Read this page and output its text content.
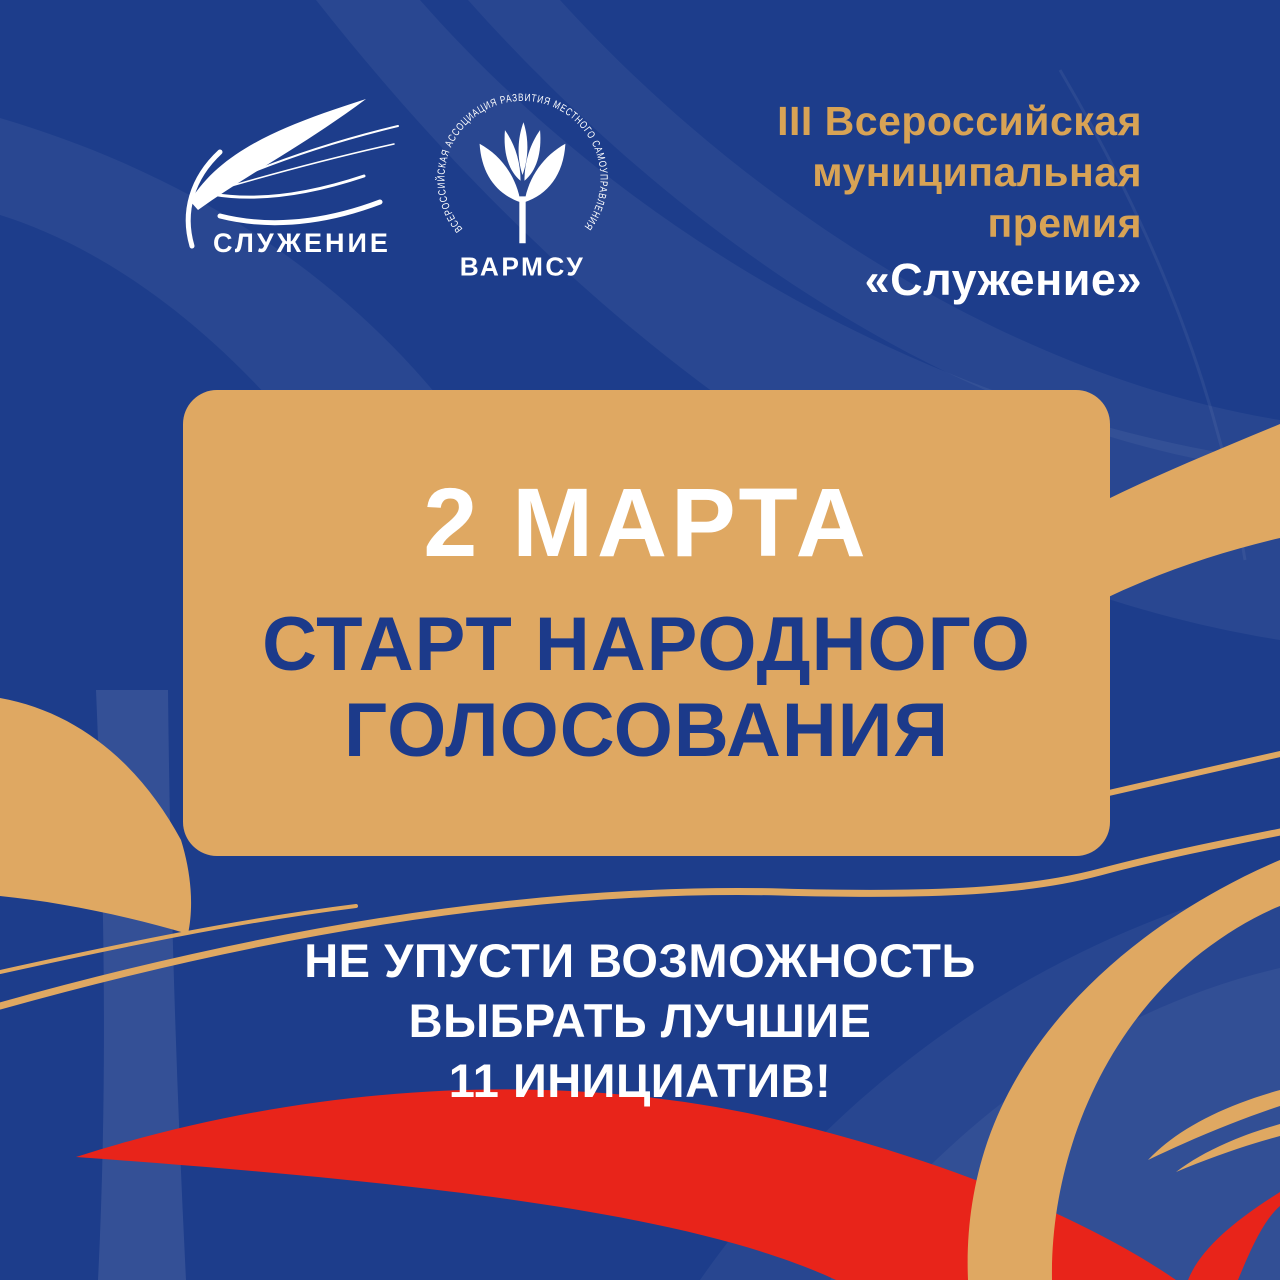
СЛУЖЕНИЕ
ВСЕРОССИЙСКАЯ АССОЦИАЦИЯ РАЗВИТИЯ МЕСТНОГО САМОУПРАВЛЕНИЯ
ВАРМСУ
III Всероссийская
муниципальная
премия
«Служение»
2 МАРТА
СТАРТ НАРОДНОГО
ГОЛОСОВАНИЯ
НЕ УПУСТИ ВОЗМОЖНОСТЬ
ВЫБРАТЬ ЛУЧШИЕ
11 ИНИЦИАТИВ!
